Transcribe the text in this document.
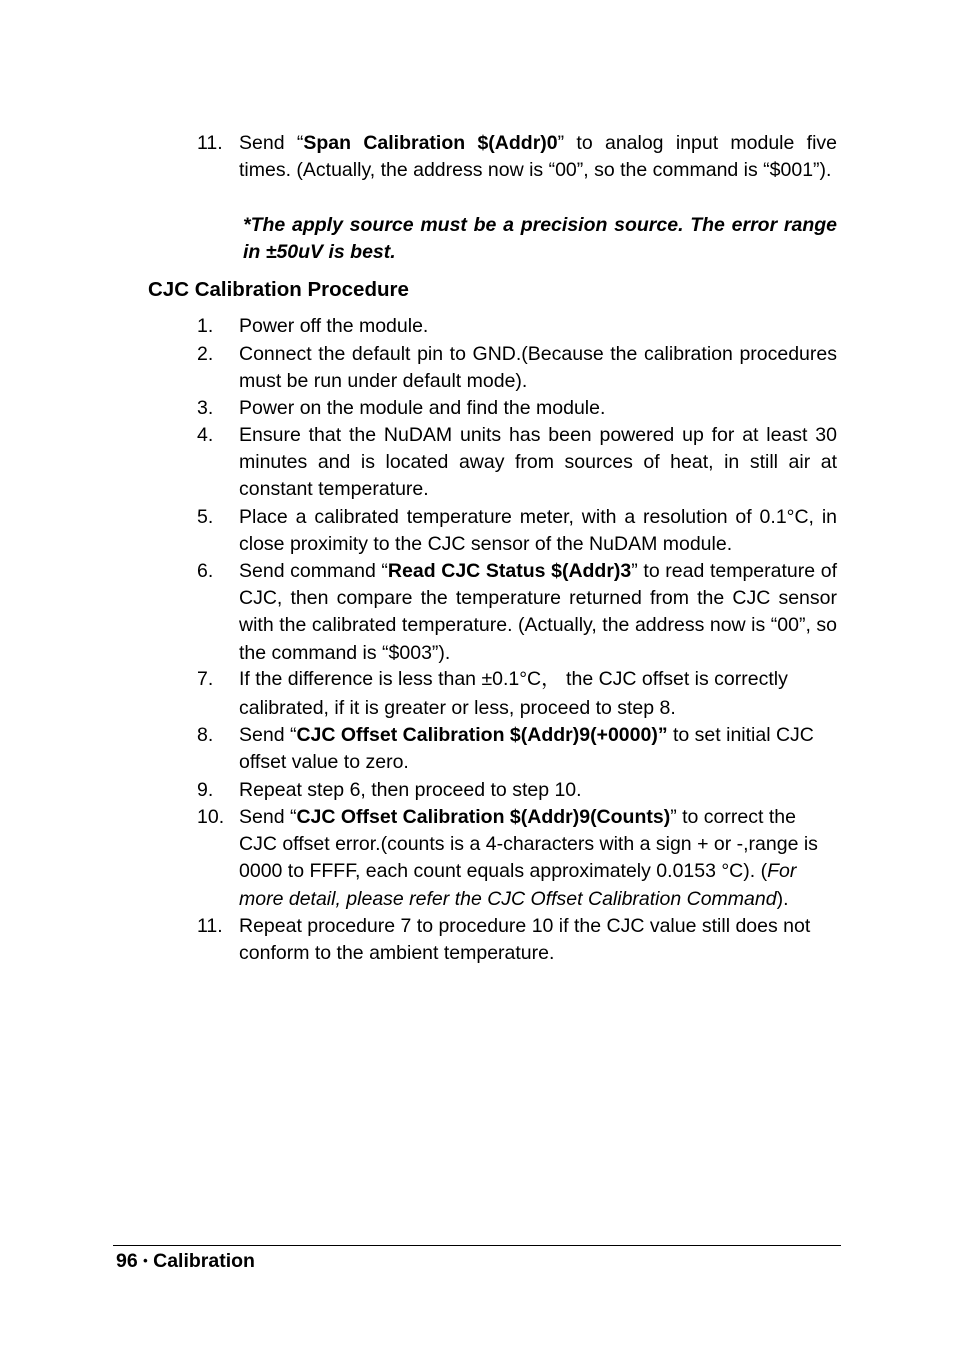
11. Send “Span Calibration $(Addr)0” to analog input module five times. (Actually, the address now is “00”, so the command is “$001”).
*The apply source must be a precision source. The error range in ±50uV is best.
CJC Calibration Procedure
1. Power off the module.
2. Connect the default pin to GND.(Because the calibration procedures must be run under default mode).
3. Power on the module and find the module.
4. Ensure that the NuDAM units has been powered up for at least 30 minutes and is located away from sources of heat, in still air at constant temperature.
5. Place a calibrated temperature meter, with a resolution of 0.1°C, in close proximity to the CJC sensor of the NuDAM module.
6. Send command “Read CJC Status $(Addr)3” to read temperature of CJC, then compare the temperature returned from the CJC sensor with the calibrated temperature. (Actually, the address now is “00”, so the command is “$003”).
7. If the difference is less than ±0.1°C， the CJC offset is correctly calibrated, if it is greater or less, proceed to step 8.
8. Send “CJC Offset Calibration $(Addr)9(+0000)” to set initial CJC offset value to zero.
9. Repeat step 6, then proceed to step 10.
10. Send “CJC Offset Calibration $(Addr)9(Counts)” to correct the CJC offset error.(counts is a 4-characters with a sign + or -,range is 0000 to FFFF, each count equals approximately 0.0153 °C). (For more detail, please refer the CJC Offset Calibration Command).
11. Repeat procedure 7 to procedure 10 if the CJC value still does not conform to the ambient temperature.
96 • Calibration
